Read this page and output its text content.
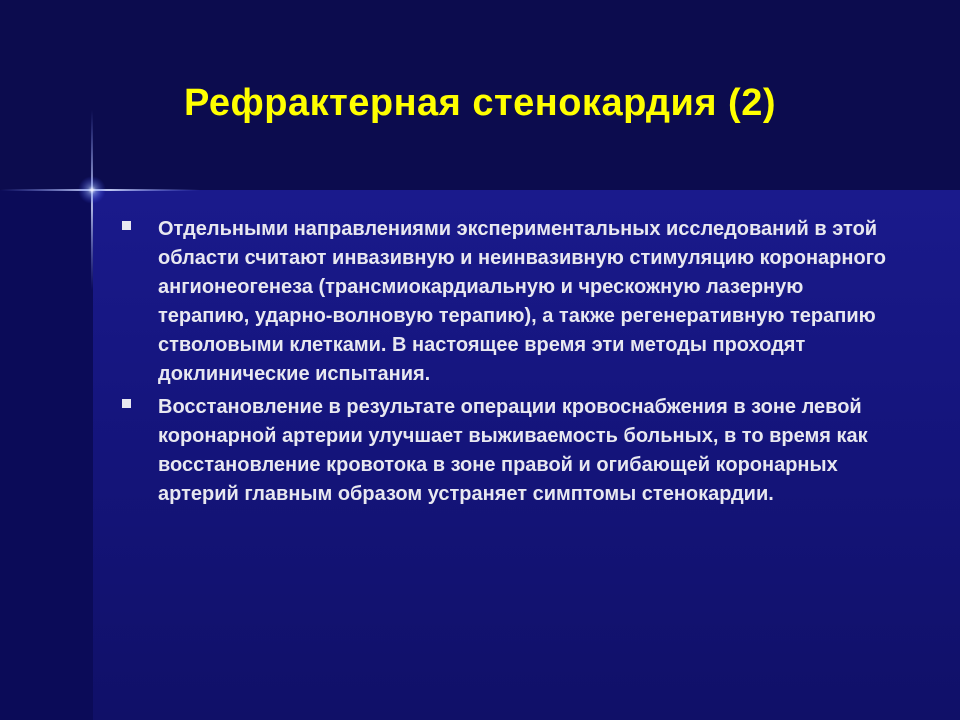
Рефрактерная стенокардия (2)
Отдельными направлениями экспериментальных исследований в этой области считают инвазивную и неинвазивную стимуляцию коронарного ангионеогенеза (трансмиокардиальную и чрескожную лазерную терапию, ударно-волновую терапию), а также регенеративную терапию стволовыми клетками. В настоящее время эти методы проходят доклинические испытания.
Восстановление в результате операции кровоснабжения в зоне левой коронарной артерии улучшает выживаемость больных, в то время как восстановление кровотока в зоне правой и огибающей коронарных артерий главным образом устраняет симптомы стенокардии.
